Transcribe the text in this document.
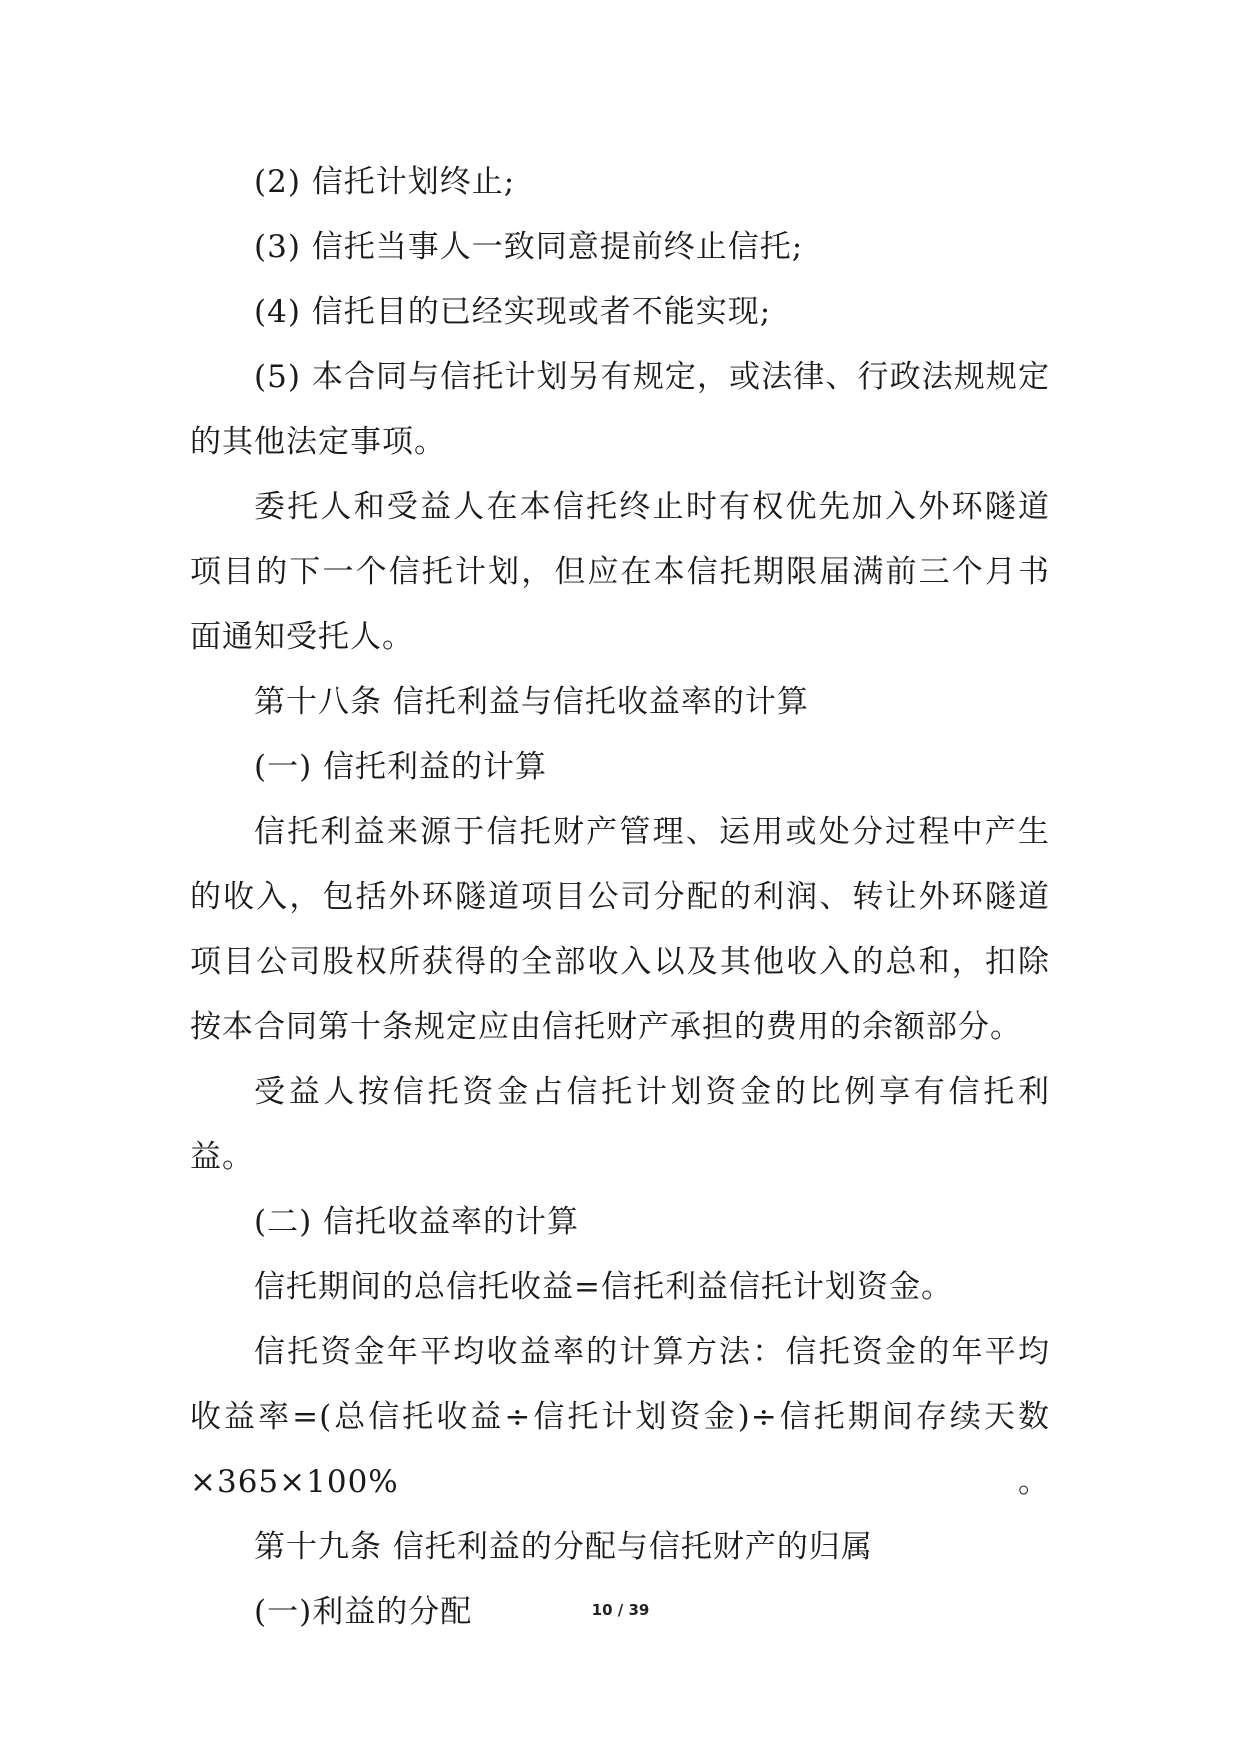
(2) 信托计划终止;

(3) 信托当事人一致同意提前终止信托;

(4) 信托目的已经实现或者不能实现;

(5) 本合同与信托计划另有规定，或法律、行政法规规定的其他法定事项。

委托人和受益人在本信托终止时有权优先加入外环隧道项目的下一个信托计划，但应在本信托期限届满前三个月书面通知受托人。

第十八条 信托利益与信托收益率的计算

(一) 信托利益的计算

信托利益来源于信托财产管理、运用或处分过程中产生的收入，包括外环隧道项目公司分配的利润、转让外环隧道项目公司股权所获得的全部收入以及其他收入的总和，扣除按本合同第十条规定应由信托财产承担的费用的余额部分。

受益人按信托资金占信托计划资金的比例享有信托利益。

(二) 信托收益率的计算

信托期间的总信托收益=信托利益信托计划资金。

信托资金年平均收益率的计算方法：信托资金的年平均收益率=(总信托收益÷信托计划资金)÷信托期间存续天数×365×100%。

第十九条 信托利益的分配与信托财产的归属

(一)利益的分配	10 / 39
